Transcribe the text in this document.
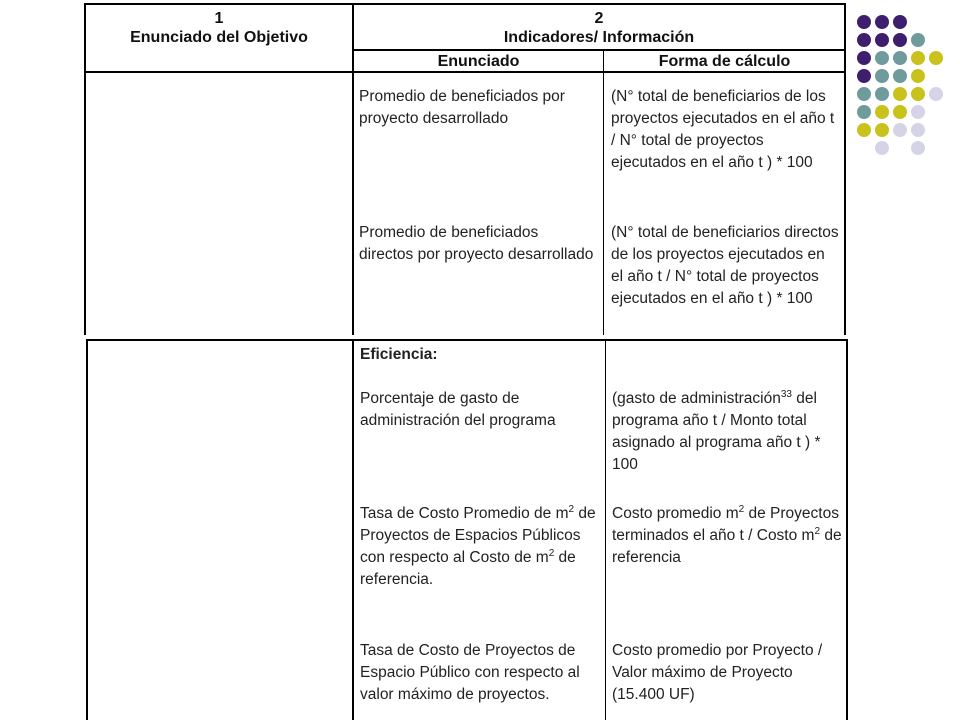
1
Enunciado del Objetivo
2
Indicadores/ Información
Enunciado	Forma de cálculo
Promedio de beneficiados por proyecto desarrollado
(N° total de beneficiarios de los proyectos ejecutados en el año t / N° total de proyectos ejecutados en el año t ) * 100
Promedio de beneficiados directos por proyecto desarrollado
(N° total de beneficiarios directos de los proyectos ejecutados en el año t / N° total de proyectos ejecutados en el año t ) * 100
Eficiencia:
Porcentaje de gasto de administración del programa
(gasto de administración$^{33}$ del programa año t / Monto total asignado al programa año t ) * 100
Tasa de Costo Promedio de $m^2$ de Proyectos de Espacios Públicos con respecto al Costo de $m^2$ de referencia.
Costo promedio $m^2$ de Proyectos terminados el año t / Costo $m^2$ de referencia
Tasa de Costo de Proyectos de Espacio Público con respecto al valor máximo de proyectos.
Costo promedio por Proyecto / Valor máximo de Proyecto (15.400 UF)
